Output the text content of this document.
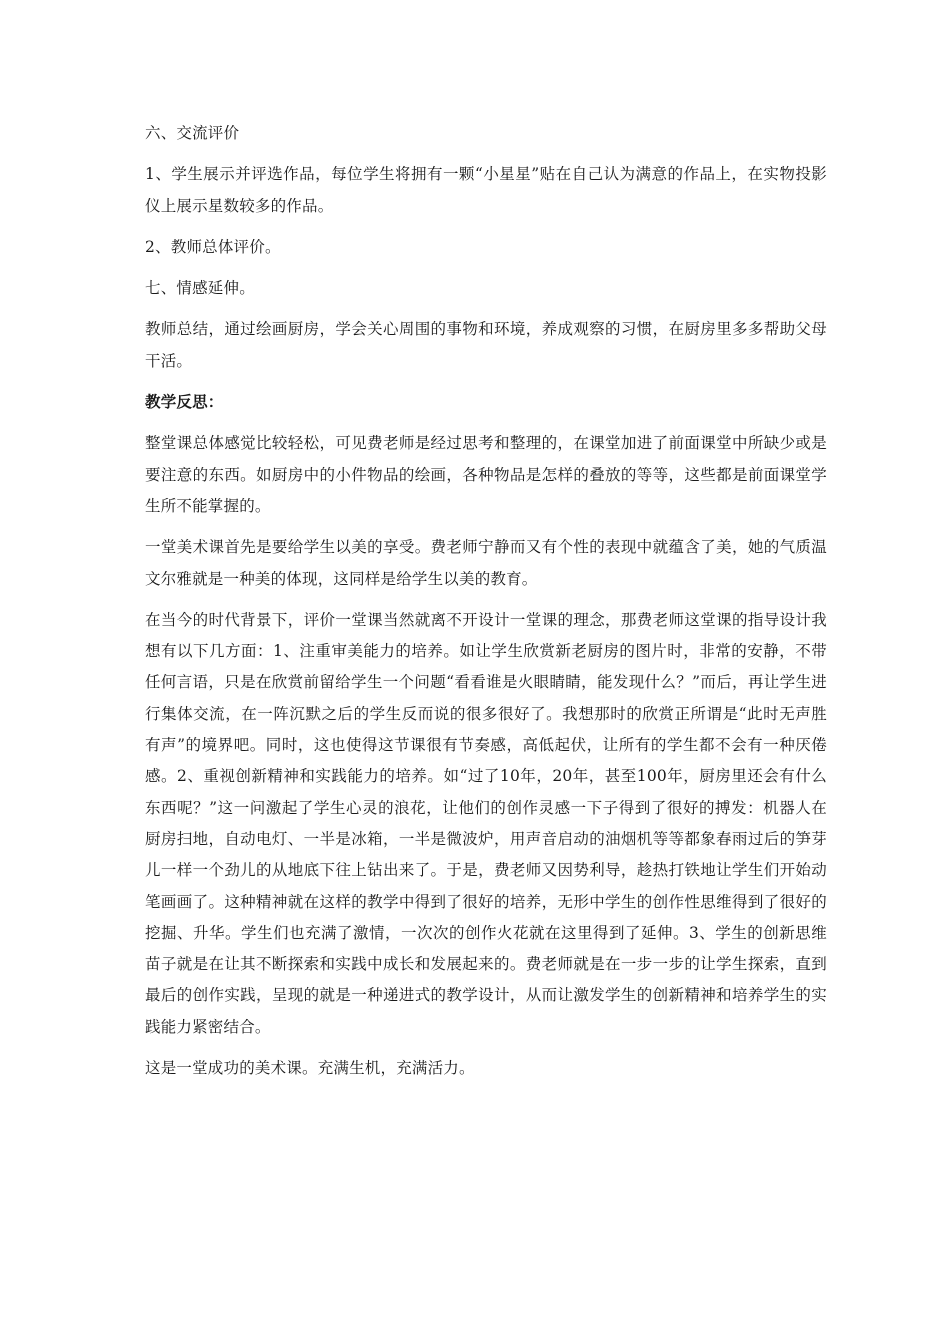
六、交流评价

1、学生展示并评选作品，每位学生将拥有一颗“小星星”贴在自己认为满意的作品上，在实物投影仪上展示星数较多的作品。

2、教师总体评价。

七、情感延伸。

教师总结，通过绘画厨房，学会关心周围的事物和环境，养成观察的习惯，在厨房里多多帮助父母干活。

教学反思：

整堂课总体感觉比较轻松，可见费老师是经过思考和整理的，在课堂加进了前面课堂中所缺少或是要注意的东西。如厨房中的小件物品的绘画，各种物品是怎样的叠放的等等，这些都是前面课堂学生所不能掌握的。

一堂美术课首先是要给学生以美的享受。费老师宁静而又有个性的表现中就蕴含了美，她的气质温文尔雅就是一种美的体现，这同样是给学生以美的教育。

在当今的时代背景下，评价一堂课当然就离不开设计一堂课的理念，那费老师这堂课的指导设计我想有以下几方面：1、注重审美能力的培养。如让学生欣赏新老厨房的图片时，非常的安静，不带任何言语，只是在欣赏前留给学生一个问题“看看谁是火眼睛睛，能发现什么？”而后，再让学生进行集体交流，在一阵沉默之后的学生反而说的很多很好了。我想那时的欣赏正所谓是“此时无声胜有声”的境界吧。同时，这也使得这节课很有节奏感，高低起伏，让所有的学生都不会有一种厌倦感。2、重视创新精神和实践能力的培养。如“过了10年，20年，甚至100年，厨房里还会有什么东西呢？”这一问激起了学生心灵的浪花，让他们的创作灵感一下子得到了很好的搏发：机器人在厨房扫地，自动电灯、一半是冰箱，一半是微波炉，用声音启动的油烟机等等都象春雨过后的笋芽儿一样一个劲儿的从地底下往上钻出来了。于是，费老师又因势利导，趁热打铁地让学生们开始动笔画画了。这种精神就在这样的教学中得到了很好的培养，无形中学生的创作性思维得到了很好的挖掘、升华。学生们也充满了激情，一次次的创作火花就在这里得到了延伸。3、学生的创新思维苗子就是在让其不断探索和实践中成长和发展起来的。费老师就是在一步一步的让学生探索，直到最后的创作实践，呈现的就是一种递进式的教学设计，从而让激发学生的创新精神和培养学生的实践能力紧密结合。

这是一堂成功的美术课。充满生机，充满活力。
